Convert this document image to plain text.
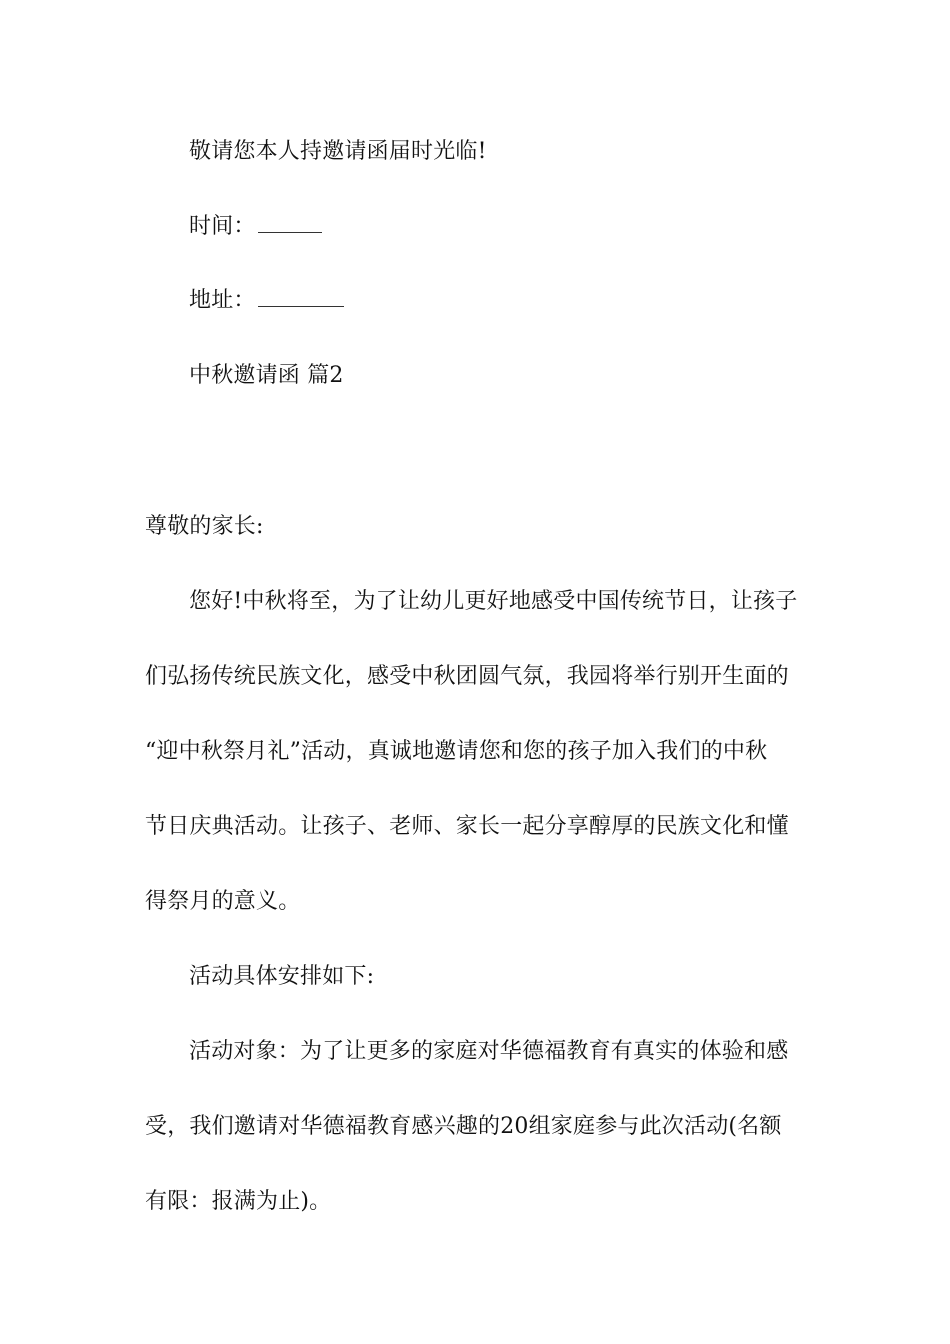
敬请您本人持邀请函届时光临!
时间：
地址：
中秋邀请函 篇2
尊敬的家长:
您好!中秋将至，为了让幼儿更好地感受中国传统节日，让孩子
们弘扬传统民族文化，感受中秋团圆气氛，我园将举行别开生面的
“迎中秋祭月礼”活动，真诚地邀请您和您的孩子加入我们的中秋
节日庆典活动。让孩子、老师、家长一起分享醇厚的民族文化和懂
得祭月的意义。
活动具体安排如下:
活动对象：为了让更多的家庭对华德福教育有真实的体验和感
受，我们邀请对华德福教育感兴趣的20组家庭参与此次活动(名额
有限：报满为止)。
